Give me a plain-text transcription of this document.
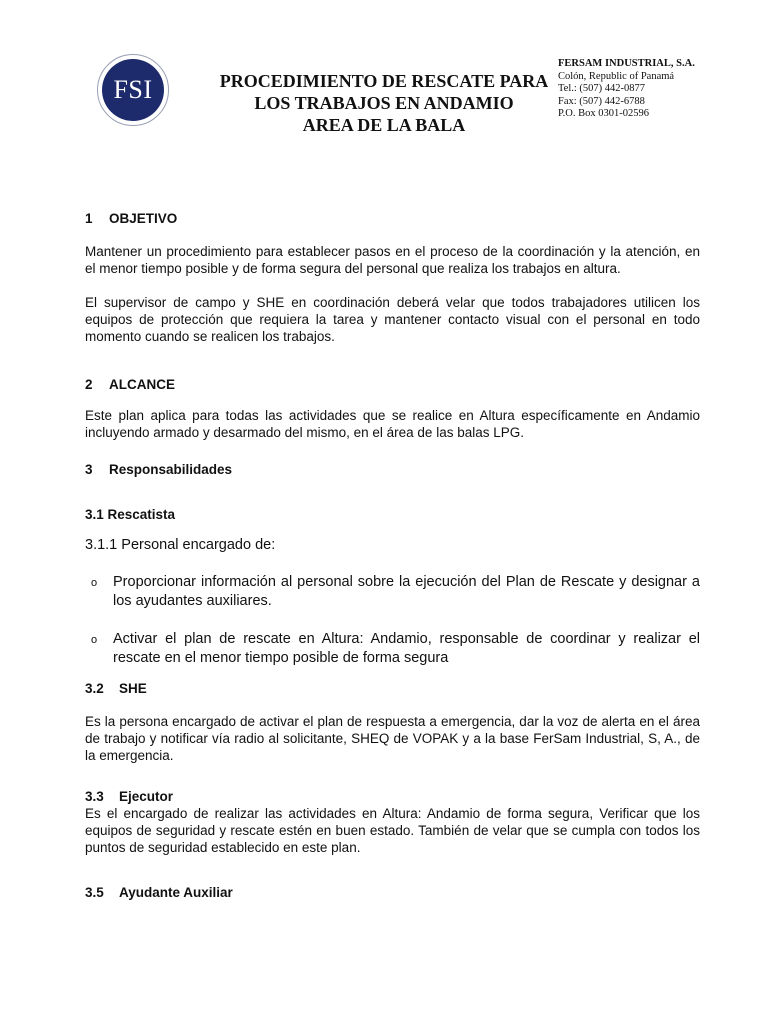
FSI	PROCEDIMIENTO DE RESCATE PARA
LOS TRABAJOS EN ANDAMIO
AREA DE LA BALA
FERSAM INDUSTRIAL, S.A.
Colón, Republic of Panamá
Tel.: (507) 442-0877
Fax: (507) 442-6788
P.O. Box 0301-02596
1 OBJETIVO

Mantener un procedimiento para establecer pasos en el proceso de la coordinación y la atención, en el menor tiempo posible y de forma segura del personal que realiza los trabajos en altura.

El supervisor de campo y SHE en coordinación deberá velar que todos trabajadores utilicen los equipos de protección que requiera la tarea y mantener contacto visual con el personal en todo momento cuando se realicen los trabajos.

2 ALCANCE

Este plan aplica para todas las actividades que se realice en Altura específicamente en Andamio incluyendo armado y desarmado del mismo, en el área de las balas LPG.

3 Responsabilidades
3.1 Rescatista

3.1.1 Personal encargado de:

o Proporcionar información al personal sobre la ejecución del Plan de Rescate y designar a los ayudantes auxiliares.
o Activar el plan de rescate en Altura: Andamio, responsable de coordinar y realizar el rescate en el menor tiempo posible de forma segura
3.2 SHE

Es la persona encargado de activar el plan de respuesta a emergencia, dar la voz de alerta en el área de trabajo y notificar vía radio al solicitante, SHEQ de VOPAK y a la base FerSam Industrial, S, A., de la emergencia.

3.3 Ejecutor

Es el encargado de realizar las actividades en Altura: Andamio de forma segura, Verificar que los equipos de seguridad y rescate estén en buen estado. También de velar que se cumpla con todos los puntos de seguridad establecido en este plan.

3.5 Ayudante Auxiliar
